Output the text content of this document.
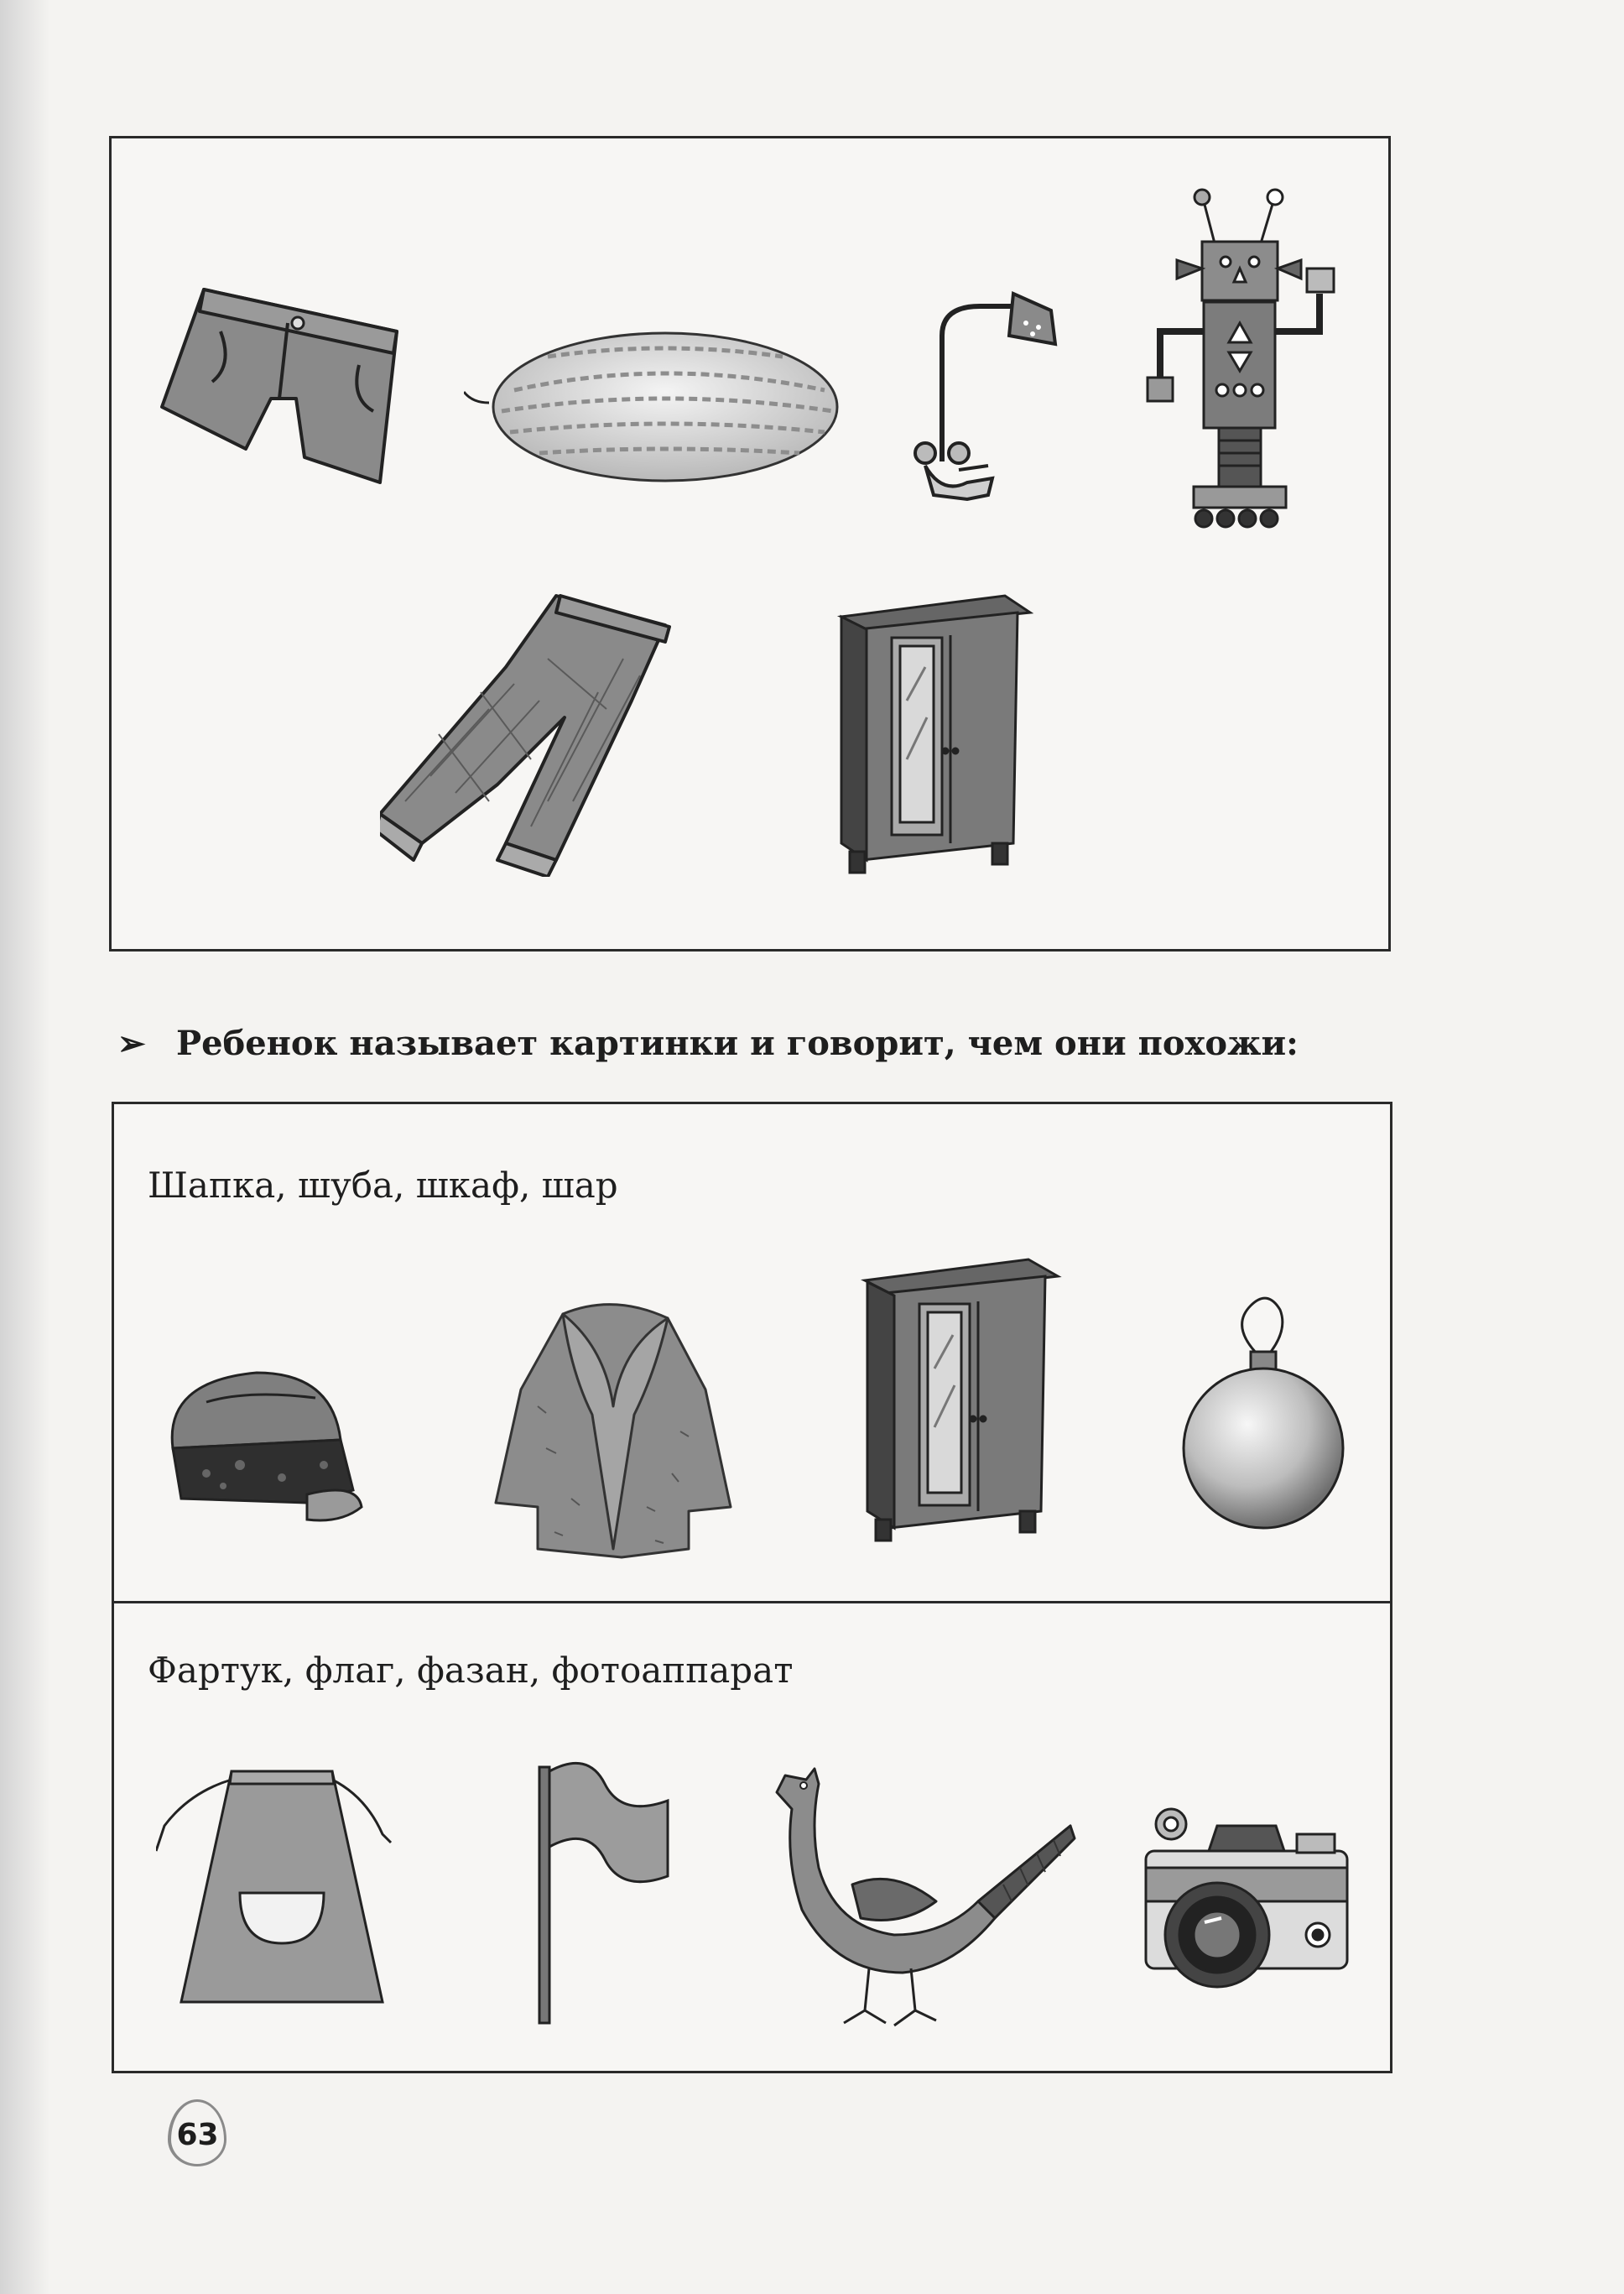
➢ Ребенок называет картинки и говорит, чем они похожи:
Шапка, шуба, шкаф, шар
Фартук, флаг, фазан, фотоаппарат
63
